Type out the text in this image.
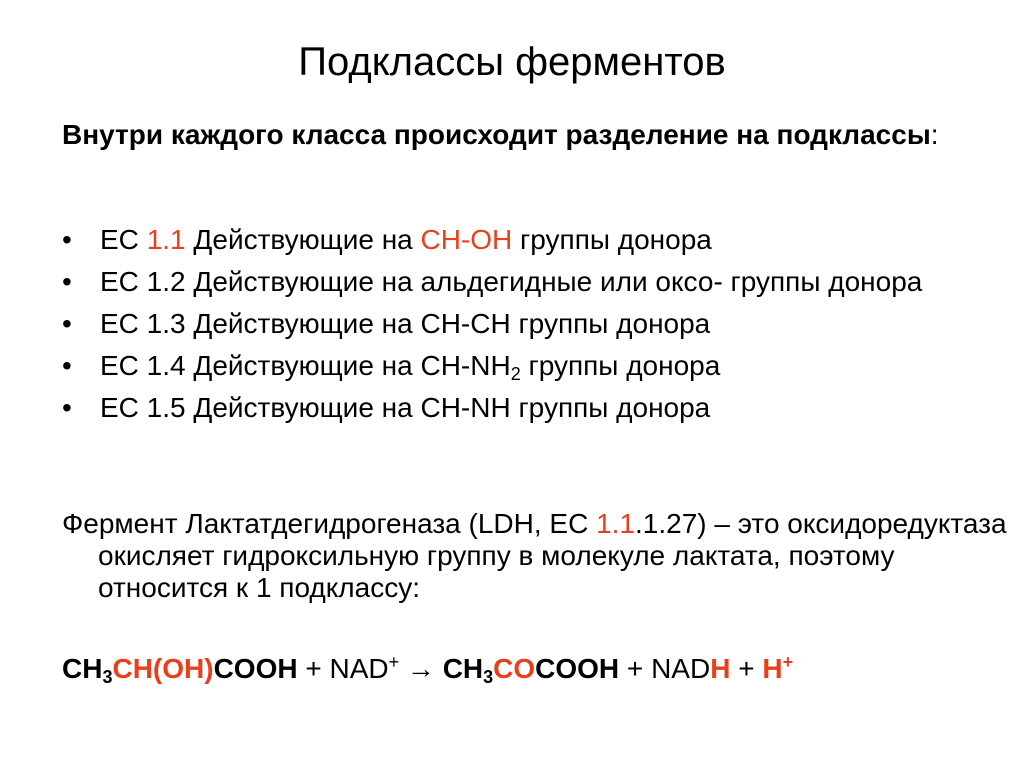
Подклассы ферментов
Внутри каждого класса происходит разделение на подклассы:
• EC 1.1 Действующие на CH-OH группы донора
• EC 1.2 Действующие на альдегидные или оксо- группы донора
• EC 1.3 Действующие на CH-CH группы донора
• EC 1.4 Действующие на $CH-NH_2$ группы донора
• EC 1.5 Действующие на CH-NH группы донора
Фермент Лактатдегидрогеназа (LDH, EC 1.1.1.27) – это оксидоредуктаза окисляет гидроксильную группу в молекуле лактата, поэтому относится к 1 подклассу:
$CH_3CH(OH)COOH + NAD^+$ → $CH_3COCOOH$ + NADH + H+
